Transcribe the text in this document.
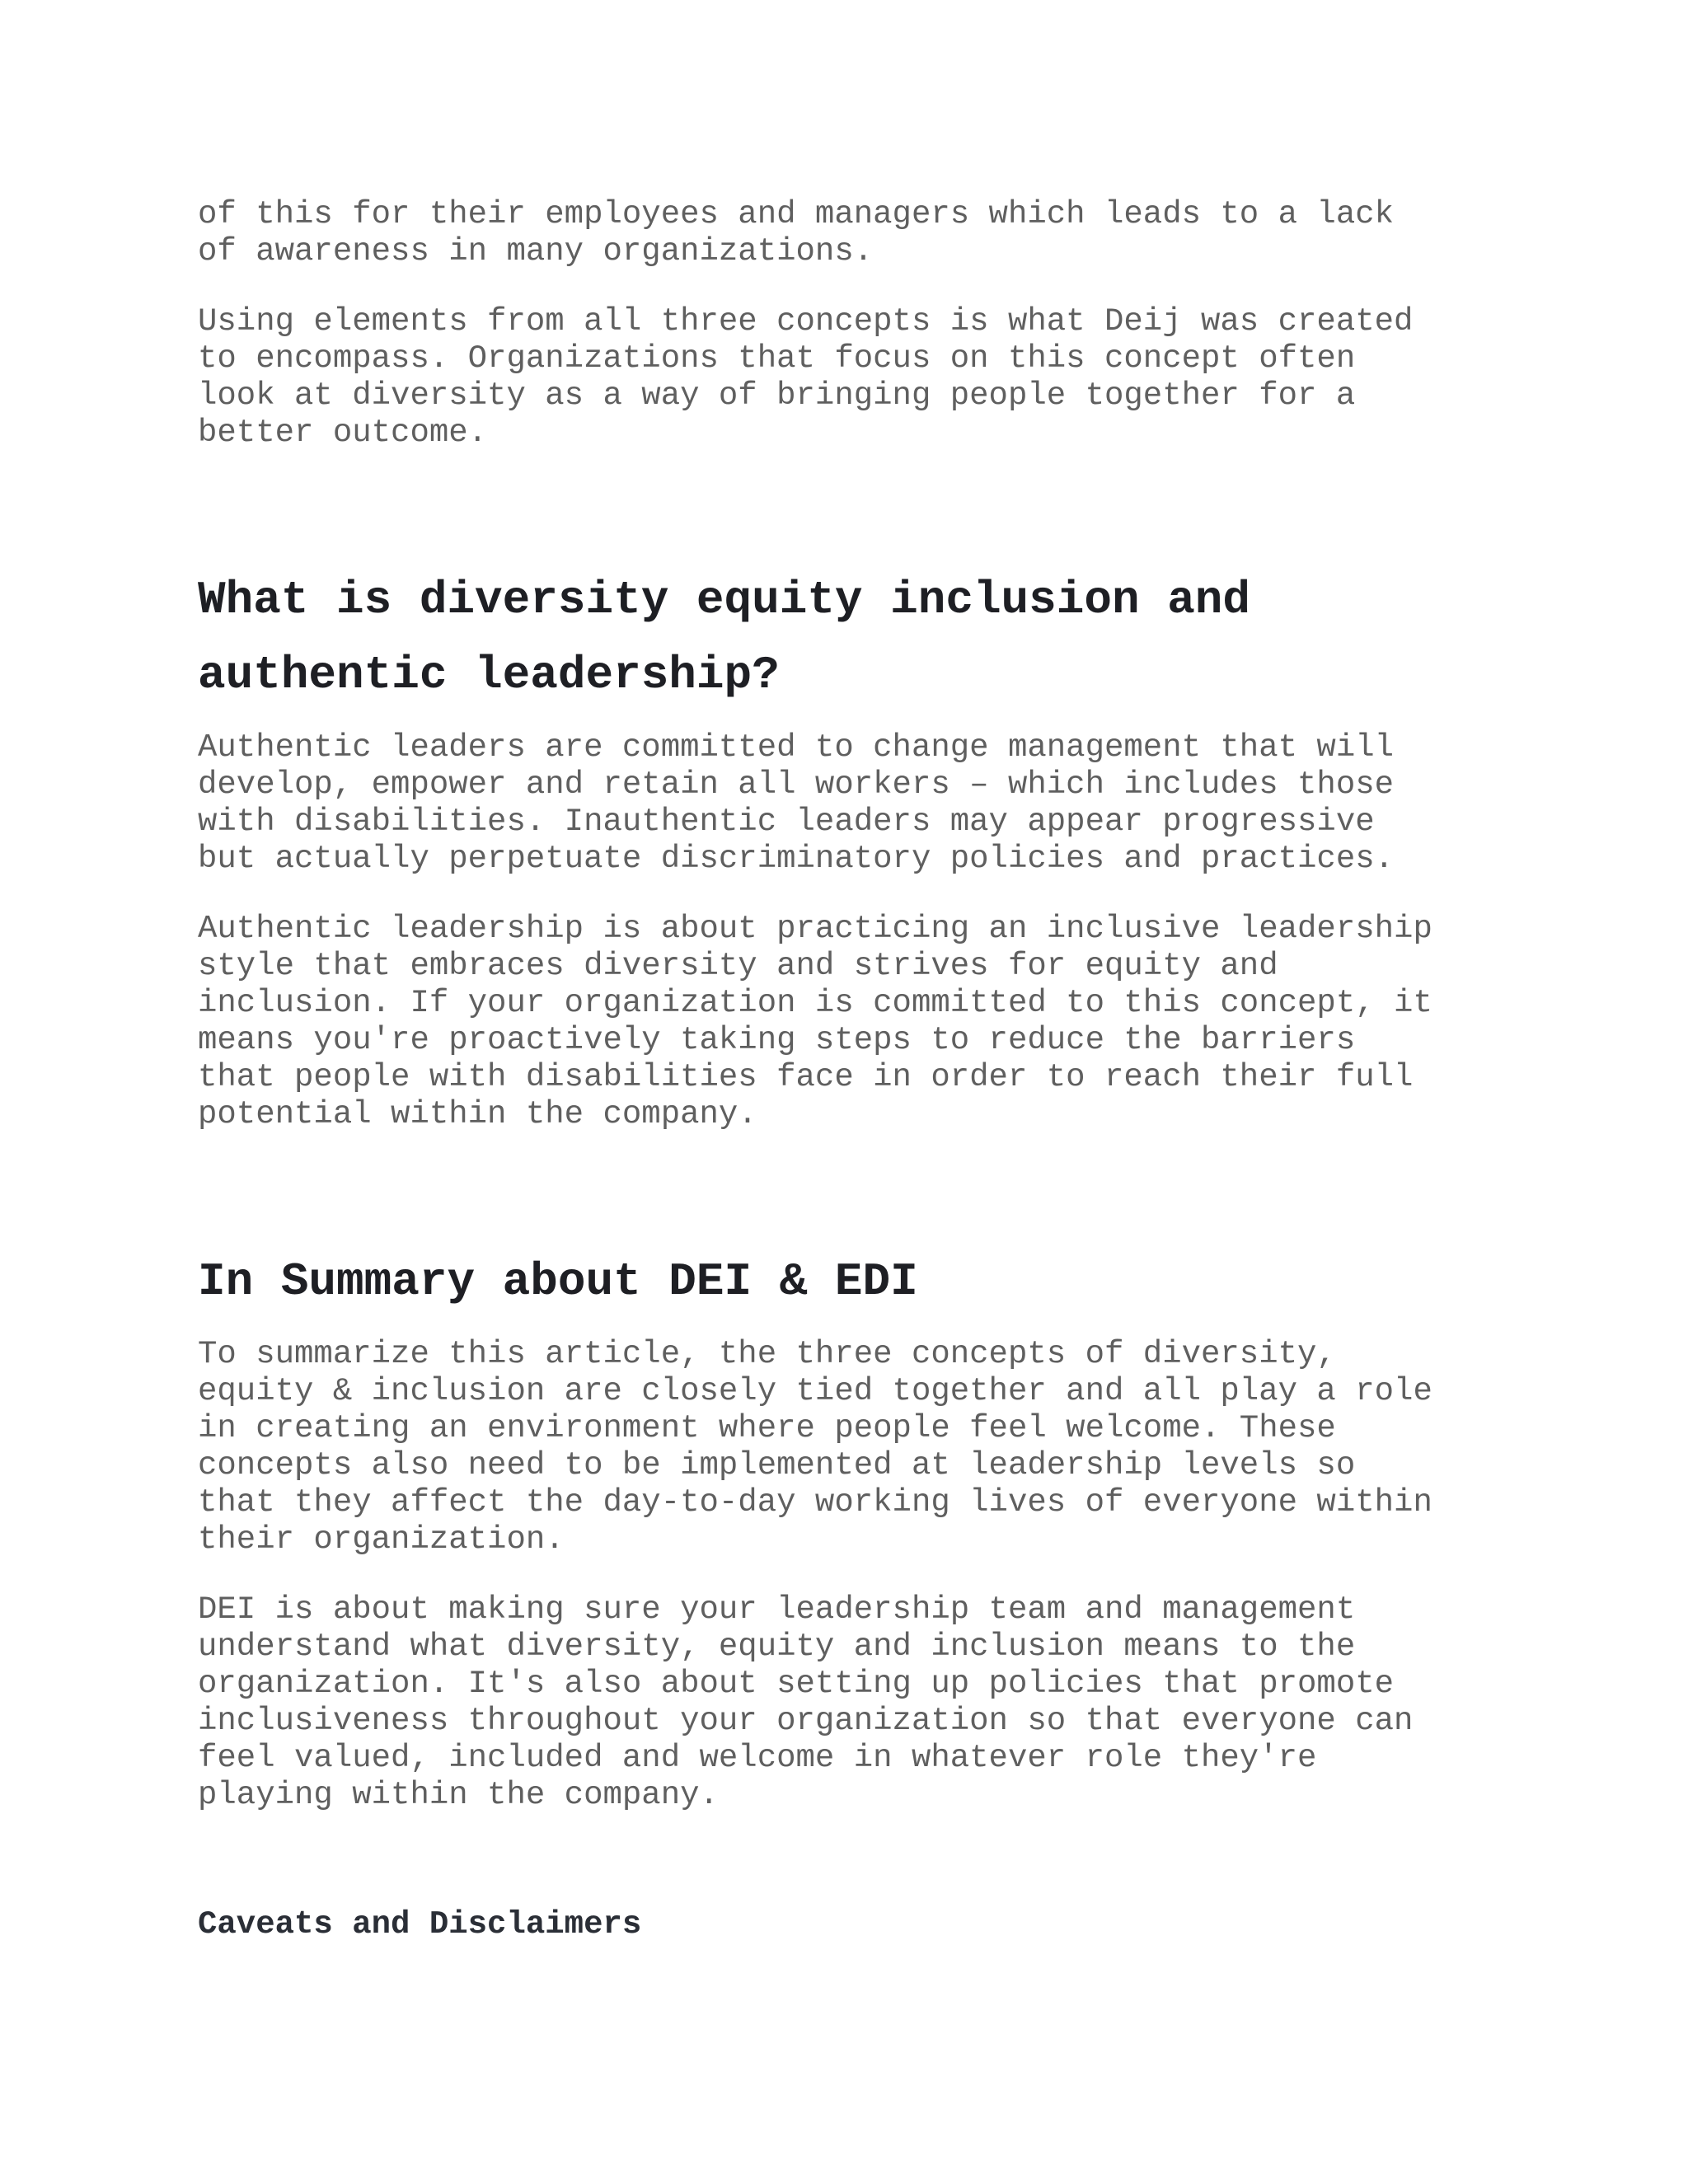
of this for their employees and managers which leads to a lack
of awareness in many organizations.

Using elements from all three concepts is what Deij was created
to encompass. Organizations that focus on this concept often
look at diversity as a way of bringing people together for a
better outcome.

What is diversity equity inclusion and
authentic leadership?

Authentic leaders are committed to change management that will
develop, empower and retain all workers – which includes those
with disabilities. Inauthentic leaders may appear progressive
but actually perpetuate discriminatory policies and practices.

Authentic leadership is about practicing an inclusive leadership
style that embraces diversity and strives for equity and
inclusion. If your organization is committed to this concept, it
means you're proactively taking steps to reduce the barriers
that people with disabilities face in order to reach their full
potential within the company.

In Summary about DEI & EDI

To summarize this article, the three concepts of diversity,
equity & inclusion are closely tied together and all play a role
in creating an environment where people feel welcome. These
concepts also need to be implemented at leadership levels so
that they affect the day-to-day working lives of everyone within
their organization.

DEI is about making sure your leadership team and management
understand what diversity, equity and inclusion means to the
organization. It's also about setting up policies that promote
inclusiveness throughout your organization so that everyone can
feel valued, included and welcome in whatever role they're
playing within the company.

Caveats and Disclaimers
